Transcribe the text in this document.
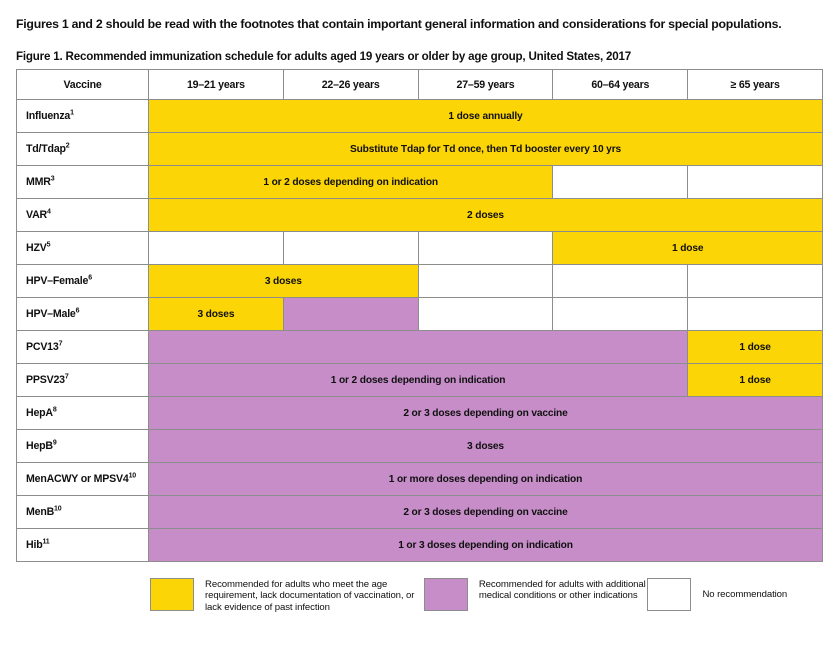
Figures 1 and 2 should be read with the footnotes that contain important general information and considerations for special populations.
Figure 1. Recommended immunization schedule for adults aged 19 years or older by age group, United States, 2017
Vaccine	19–21 years	22–26 years	27–59 years	60–64 years	≥ 65 years
Influenza$^1$	1 dose annually				
Td/Tdap$^2$	Substitute Tdap for Td once, then Td booster every 10 yrs				
MMR$^3$	1 or 2 doses depending on indication				
VAR$^4$	2 doses				
HZV$^5$				1 dose	
HPV–Female$^6$	3 doses				
HPV–Male$^6$	3 doses				
$PCV13^7$					1 dose
$PPSV23^7$	1 or 2 doses depending on indication				1 dose
HepA$^8$	2 or 3 doses depending on vaccine				
HepB$^9$	3 doses				
MenACWY or $MPSV4^{10}$	1 or more doses depending on indication				
MenB$^{10}$	2 or 3 doses depending on vaccine				
Hib$^{11}$	1 or 3 doses depending on indication				
Recommended for adults who meet the age requirement, lack documentation of vaccination, or lack evidence of past infection
Recommended for adults with additional medical conditions or other indications	No recommendation
